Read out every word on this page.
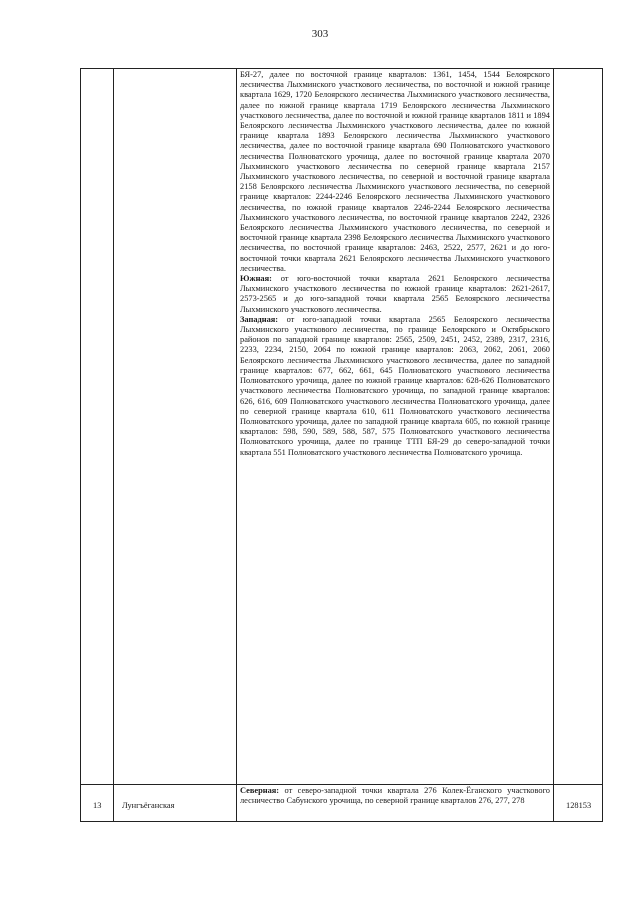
303

		БЯ-27, далее по восточной границе кварталов: 1361, 1454, 1544 Белоярского лесничества Лыхминского участкового лесничества, по восточной и южной границе квартала 1629, 1720 Белоярского лесничества Лыхминского участкового лесничества, далее по южной границе квартала 1719 Белоярского лесничества Лыхминского участкового лесничества, далее по восточной и южной границе кварталов 1811 и 1894 Белоярского лесничества Лыхминского участкового лесничества, далее по южной границе квартала 1893 Белоярского лесничества Лыхминского участкового лесничества, далее по восточной границе квартала 690 Полноватского участкового лесничества Полноватского урочища, далее по восточной границе квартала 2070 Лыхминского участкового лесничества по северной границе квартала 2157 Лыхминского участкового лесничества, по северной и восточной границе квартала 2158 Белоярского лесничества Лыхминского участкового лесничества, по северной границе кварталов: 2244-2246 Белоярского лесничества Лыхминского участкового лесничества, по южной границе кварталов 2246-2244 Белоярского лесничества Лыхминского участкового лесничества, по восточной границе кварталов 2242, 2326 Белоярского лесничества Лыхминского участкового лесничества, по северной и восточной границе квартала 2398 Белоярского лесничества Лыхминского участкового лесничества, по восточной границе кварталов: 2463, 2522, 2577, 2621 и до юго-восточной точки квартала 2621 Белоярского лесничества Лыхминского участкового лесничества.

Южная: от юго-восточной точки квартала 2621 Белоярского лесничества Лыхминского участкового лесничества по южной границе кварталов: 2621-2617, 2573-2565 и до юго-западной точки квартала 2565 Белоярского лесничества Лыхминского участкового лесничества.

Западная: от юго-западной точки квартала 2565 Белоярского лесничества Лыхминского участкового лесничества, по границе Белоярского и Октябрьского районов по западной границе кварталов: 2565, 2509, 2451, 2452, 2389, 2317, 2316, 2233, 2234, 2150, 2064 по южной границе кварталов: 2063, 2062, 2061, 2060 Белоярского лесничества Лыхминского участкового лесничества, далее по западной границе кварталов: 677, 662, 661, 645 Полноватского участкового лесничества Полноватского урочища, далее по южной границе кварталов: 628-626 Полноватского участкового лесничества Полноватского урочища, по западной границе кварталов: 626, 616, 609 Полноватского участкового лесничества Полноватского урочища, далее по северной границе квартала 610, 611 Полноватского участкового лесничества Полноватского урочища, далее по западной границе квартала 605, по южной границе кварталов: 598, 590, 589, 588, 587, 575 Полноватского участкового лесничества Полноватского урочища, далее по границе ТТП БЯ-29 до северо-западной точки квартала 551 Полноватского участкового лесничества Полноватского урочища.	

13	Лунгъёганская	Северная: от северо-западной точки квартала 276 Колек-Ёганского участкового лесничество Сабунского урочища, по северной границе кварталов 276, 277, 278	128153
